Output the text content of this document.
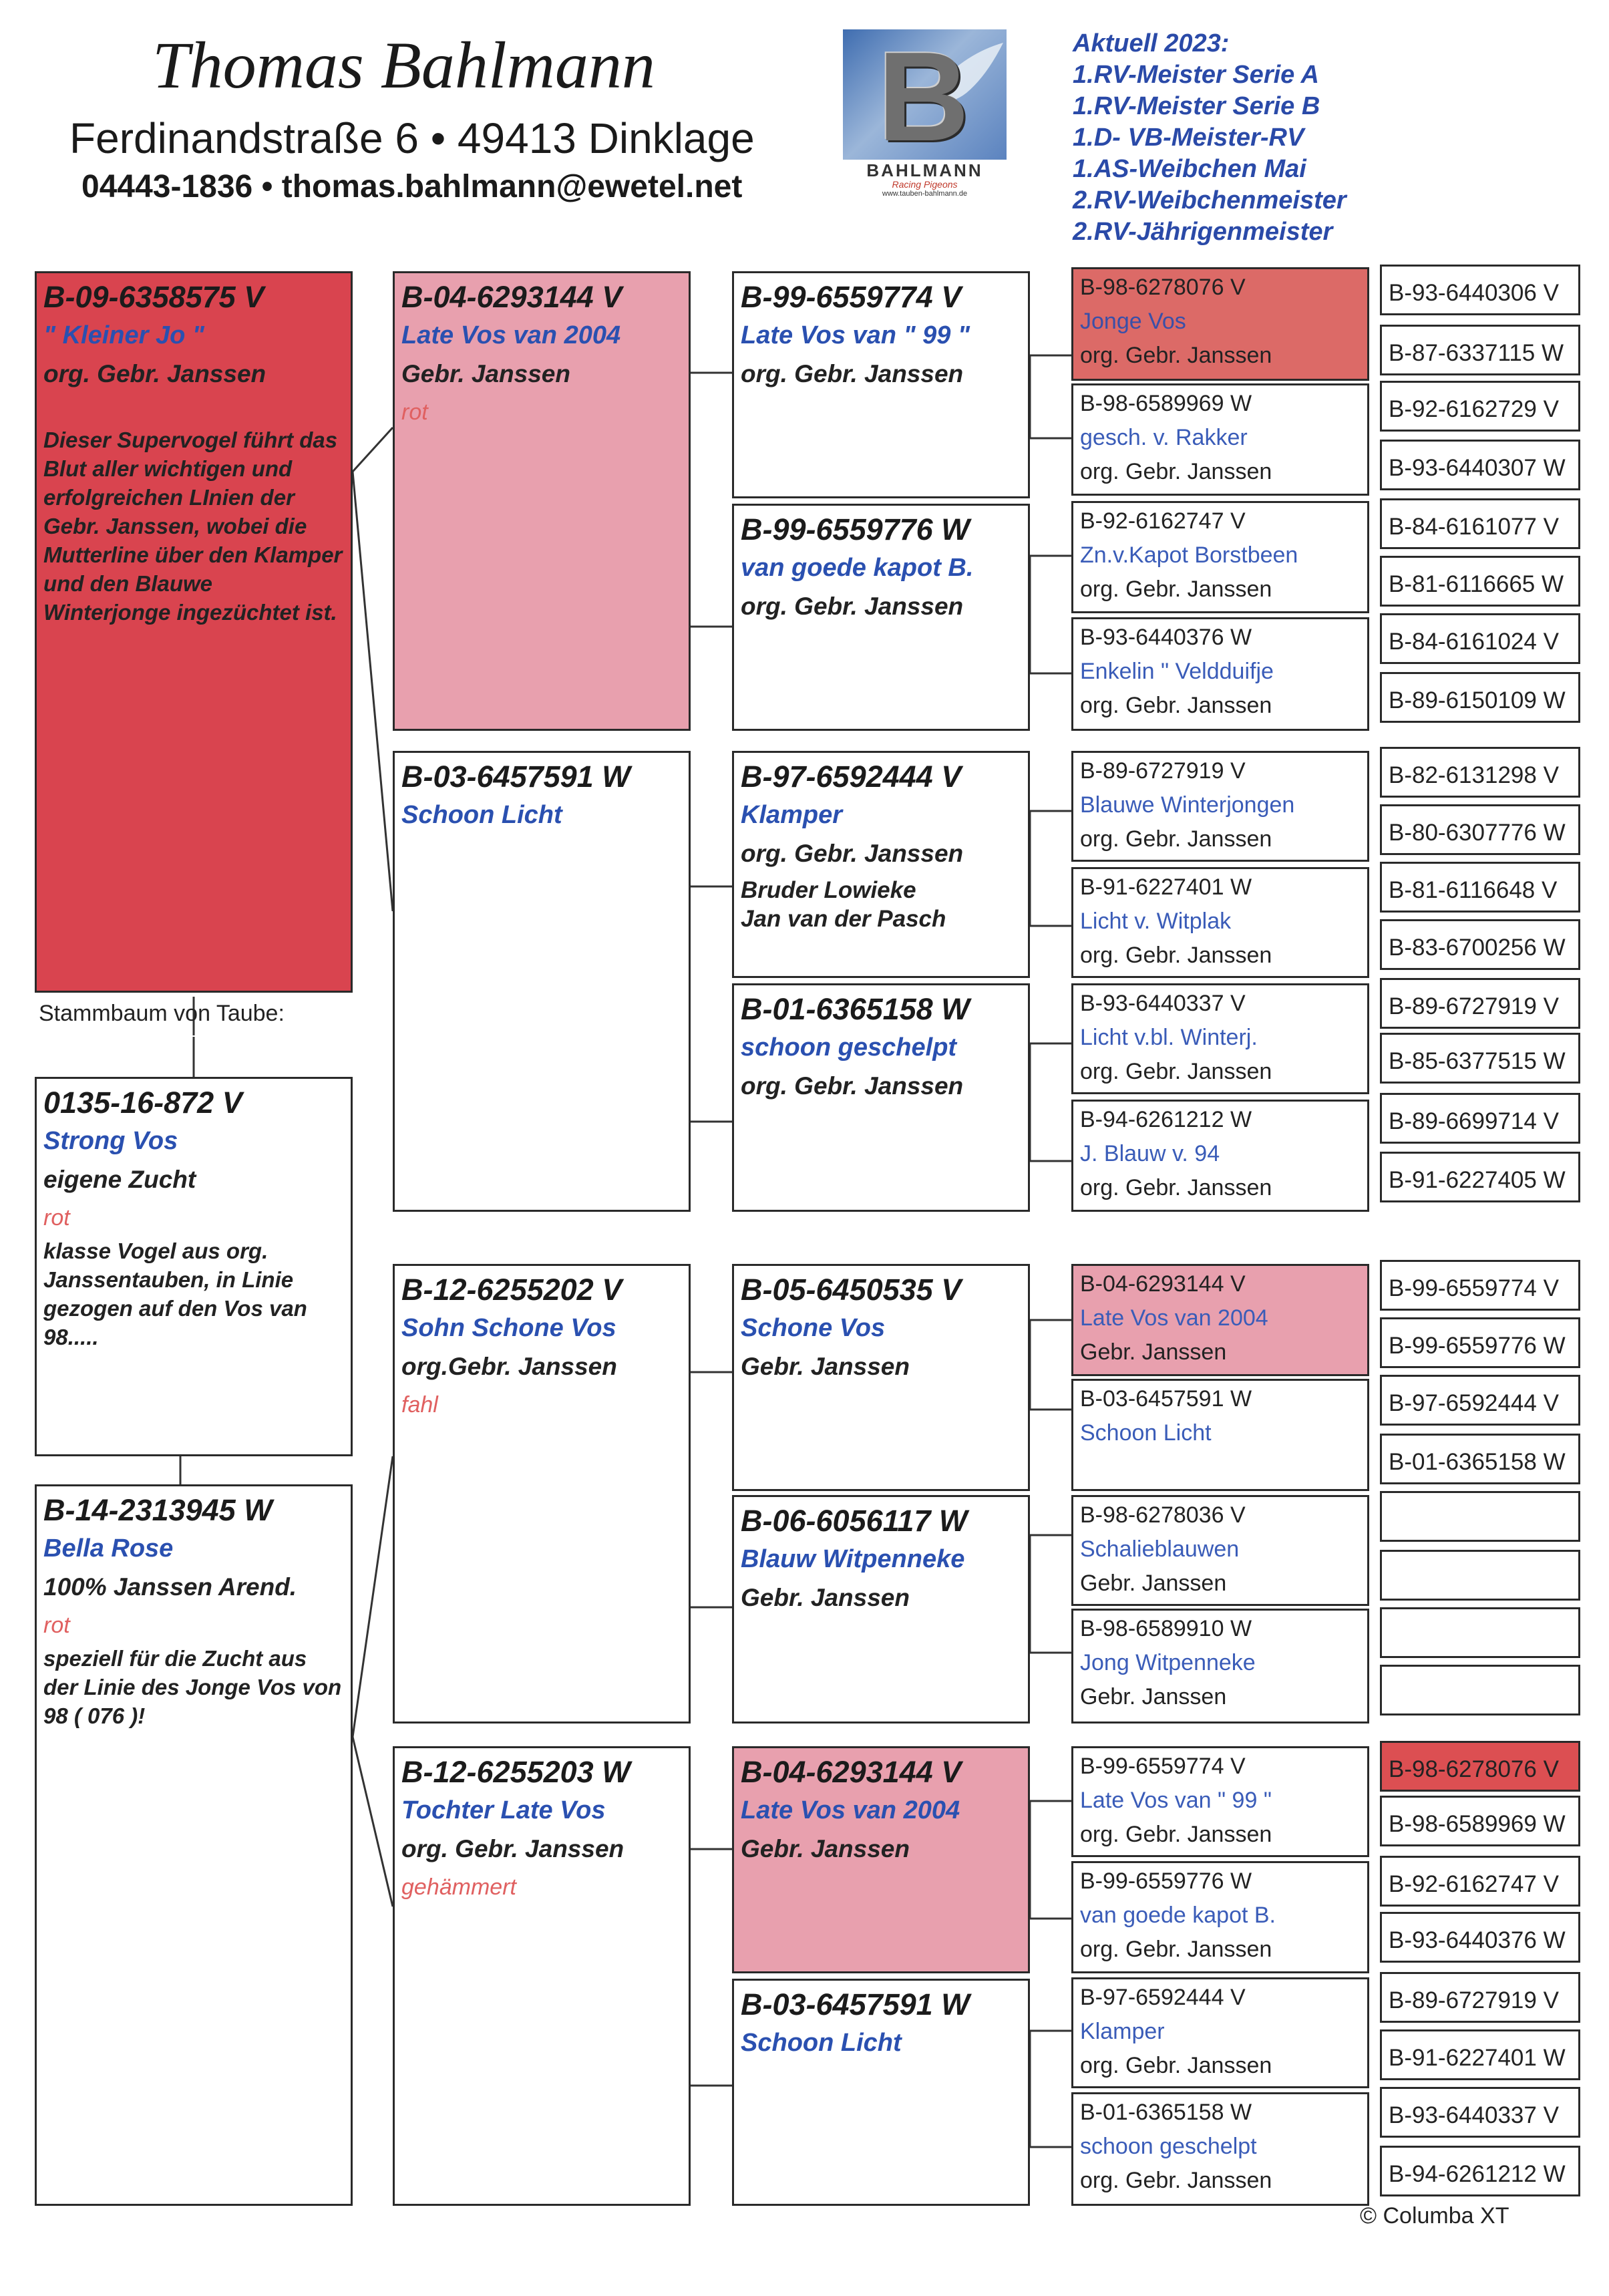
Thomas Bahlmann
Ferdinandstraße 6 • 49413 Dinklage
04443-1836 • thomas.bahlmann@ewetel.net
B
BAHLMANN
Racing Pigeons
www.tauben-bahlmann.de
Aktuell 2023:
1.RV-Meister Serie A
1.RV-Meister Serie B
1.D- VB-Meister-RV
1.AS-Weibchen Mai
2.RV-Weibchenmeister
2.RV-Jährigenmeister
B-09-6358575 V
" Kleiner Jo "
org. Gebr. Janssen
Dieser Supervogel führt das Blut aller wichtigen und erfolgreichen LInien der Gebr. Janssen, wobei die Mutterline über den Klamper und den Blauwe Winterjonge ingezüchtet ist.
Stammbaum von Taube:
0135-16-872 V
Strong Vos
eigene Zucht
rot
klasse Vogel aus org. Janssentauben, in Linie gezogen auf den Vos van 98.....
B-14-2313945 W
Bella Rose
100% Janssen Arend.
rot
speziell für die Zucht aus der Linie des Jonge Vos von 98 ( 076 )!
B-04-6293144 V
Late Vos van 2004
Gebr. Janssen
rot
B-03-6457591 W
Schoon Licht
B-12-6255202 V
Sohn Schone Vos
org.Gebr. Janssen
fahl
B-12-6255203 W
Tochter Late Vos
org. Gebr. Janssen
gehämmert
B-99-6559774 V
Late Vos van " 99 "
org. Gebr. Janssen
B-99-6559776 W
van goede kapot B.
org. Gebr. Janssen
B-97-6592444 V
Klamper
org. Gebr. Janssen
Bruder Lowieke
Jan van der Pasch
B-01-6365158 W
schoon geschelpt
org. Gebr. Janssen
B-05-6450535 V
Schone Vos
Gebr. Janssen
B-06-6056117 W
Blauw Witpenneke
Gebr. Janssen
B-04-6293144 V
Late Vos van 2004
Gebr. Janssen
B-03-6457591 W
Schoon Licht
B-98-6278076 V
Jonge Vos
org. Gebr. Janssen
B-98-6589969 W
gesch. v. Rakker
org. Gebr. Janssen
B-92-6162747 V
Zn.v.Kapot Borstbeen
org. Gebr. Janssen
B-93-6440376 W
Enkelin " Veldduifje
org. Gebr. Janssen
B-89-6727919 V
Blauwe Winterjongen
org. Gebr. Janssen
B-91-6227401 W
Licht v. Witplak
org. Gebr. Janssen
B-93-6440337 V
Licht v.bl. Winterj.
org. Gebr. Janssen
B-94-6261212 W
J. Blauw v. 94
org. Gebr. Janssen
B-04-6293144 V
Late Vos van 2004
Gebr. Janssen
B-03-6457591 W
Schoon Licht
B-98-6278036 V
Schalieblauwen
Gebr. Janssen
B-98-6589910 W
Jong Witpenneke
Gebr. Janssen
B-99-6559774 V
Late Vos van " 99 "
org. Gebr. Janssen
B-99-6559776 W
van goede kapot B.
org. Gebr. Janssen
B-97-6592444 V
Klamper
org. Gebr. Janssen
B-01-6365158 W
schoon geschelpt
org. Gebr. Janssen
B-93-6440306 V
B-87-6337115 W
B-92-6162729 V
B-93-6440307 W
B-84-6161077 V
B-81-6116665 W
B-84-6161024 V
B-89-6150109 W
B-82-6131298 V
B-80-6307776 W
B-81-6116648 V
B-83-6700256 W
B-89-6727919 V
B-85-6377515 W
B-89-6699714 V
B-91-6227405 W
B-99-6559774 V
B-99-6559776 W
B-97-6592444 V
B-01-6365158 W
B-98-6278076 V
B-98-6589969 W
B-92-6162747 V
B-93-6440376 W
B-89-6727919 V
B-91-6227401 W
B-93-6440337 V
B-94-6261212 W
© Columba XT
